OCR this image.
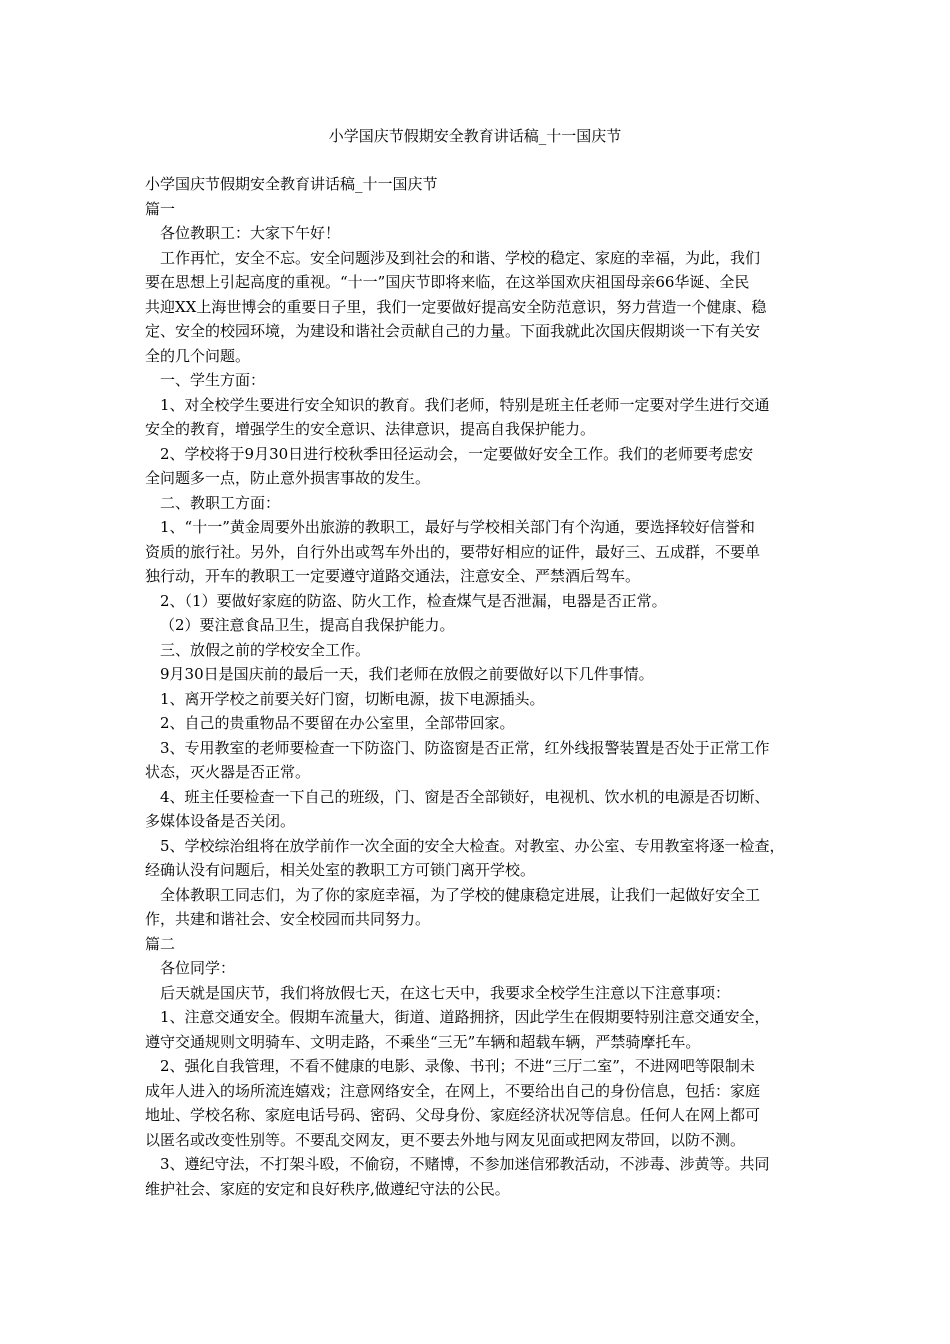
小学国庆节假期安全教育讲话稿_十一国庆节
小学国庆节假期安全教育讲话稿_十一国庆节
篇一
各位教职工：大家下午好！
工作再忙，安全不忘。安全问题涉及到社会的和谐、学校的稳定、家庭的幸福，为此，我们
要在思想上引起高度的重视。“十一”国庆节即将来临，在这举国欢庆祖国母亲66华诞、全民
共迎XX上海世博会的重要日子里，我们一定要做好提高安全防范意识，努力营造一个健康、稳
定、安全的校园环境，为建设和谐社会贡献自己的力量。下面我就此次国庆假期谈一下有关安
全的几个问题。
一、学生方面：
1、对全校学生要进行安全知识的教育。我们老师，特别是班主任老师一定要对学生进行交通
安全的教育，增强学生的安全意识、法律意识，提高自我保护能力。
2、学校将于9月30日进行校秋季田径运动会，一定要做好安全工作。我们的老师要考虑安
全问题多一点，防止意外损害事故的发生。
二、教职工方面：
1、“十一”黄金周要外出旅游的教职工，最好与学校相关部门有个沟通，要选择较好信誉和
资质的旅行社。另外，自行外出或驾车外出的，要带好相应的证件，最好三、五成群，不要单
独行动，开车的教职工一定要遵守道路交通法，注意安全、严禁酒后驾车。
2、（1）要做好家庭的防盗、防火工作，检查煤气是否泄漏，电器是否正常。
（2）要注意食品卫生，提高自我保护能力。
三、放假之前的学校安全工作。
9月30日是国庆前的最后一天，我们老师在放假之前要做好以下几件事情。
1、离开学校之前要关好门窗，切断电源，拔下电源插头。
2、自己的贵重物品不要留在办公室里，全部带回家。
3、专用教室的老师要检查一下防盗门、防盗窗是否正常，红外线报警装置是否处于正常工作
状态，灭火器是否正常。
4、班主任要检查一下自己的班级，门、窗是否全部锁好，电视机、饮水机的电源是否切断、
多媒体设备是否关闭。
5、学校综治组将在放学前作一次全面的安全大检查。对教室、办公室、专用教室将逐一检查，
经确认没有问题后，相关处室的教职工方可锁门离开学校。
全体教职工同志们，为了你的家庭幸福，为了学校的健康稳定进展，让我们一起做好安全工
作，共建和谐社会、安全校园而共同努力。
篇二
各位同学：
后天就是国庆节，我们将放假七天，在这七天中，我要求全校学生注意以下注意事项：
1、注意交通安全。假期车流量大，街道、道路拥挤，因此学生在假期要特别注意交通安全，
遵守交通规则文明骑车、文明走路，不乘坐“三无”车辆和超载车辆，严禁骑摩托车。
2、强化自我管理，不看不健康的电影、录像、书刊；不进“三厅二室”，不进网吧等限制未
成年人进入的场所流连嬉戏；注意网络安全，在网上，不要给出自己的身份信息，包括：家庭
地址、学校名称、家庭电话号码、密码、父母身份、家庭经济状况等信息。任何人在网上都可
以匿名或改变性别等。不要乱交网友，更不要去外地与网友见面或把网友带回，以防不测。
3、遵纪守法，不打架斗殴，不偷窃，不赌博，不参加迷信邪教活动，不涉毒、涉黄等。共同
维护社会、家庭的安定和良好秩序,做遵纪守法的公民。
